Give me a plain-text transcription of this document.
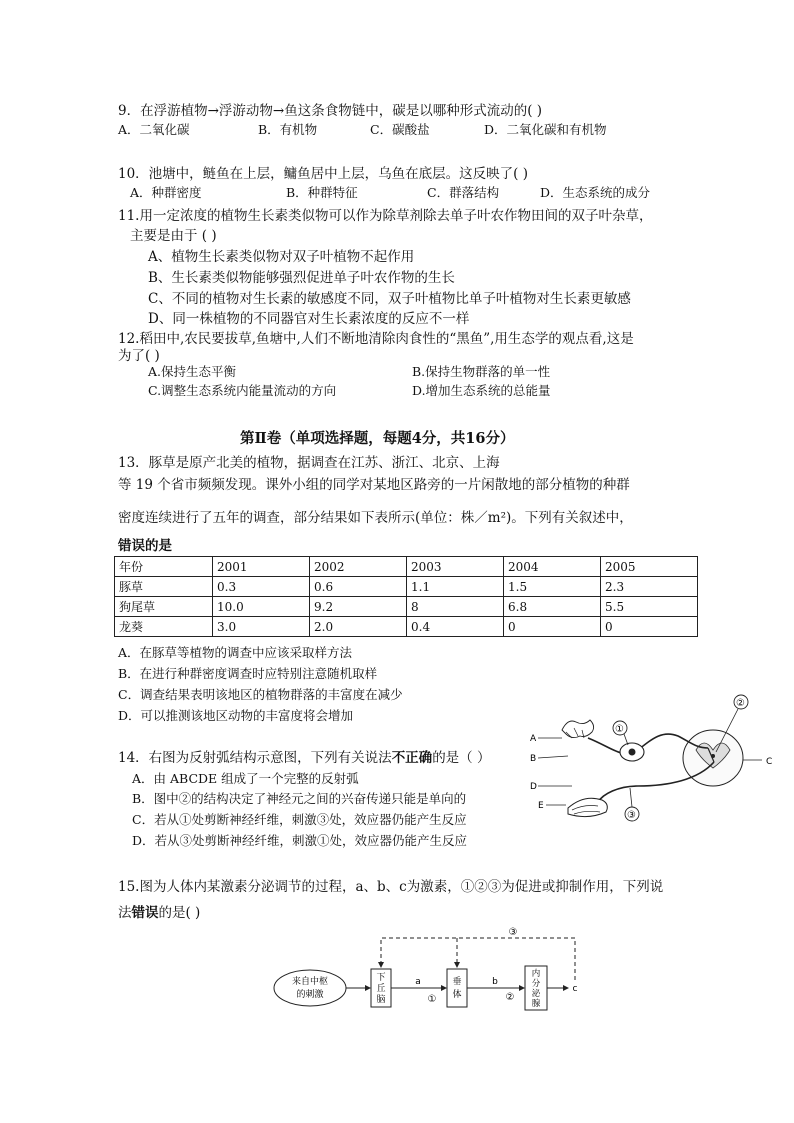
9．在浮游植物→浮游动物→鱼这条食物链中，碳是以哪种形式流动的( )
A．二氧化碳	B．有机物	C．碳酸盐	D．二氧化碳和有机物
10．池塘中，鲢鱼在上层，鳙鱼居中上层，乌鱼在底层。这反映了( )
A．种群密度	B．种群特征	C．群落结构	D．生态系统的成分
11.用一定浓度的植物生长素类似物可以作为除草剂除去单子叶农作物田间的双子叶杂草，
主要是由于 ( )
A、植物生长素类似物对双子叶植物不起作用
B、生长素类似物能够强烈促进单子叶农作物的生长
C、不同的植物对生长素的敏感度不同，双子叶植物比单子叶植物对生长素更敏感
D、同一株植物的不同器官对生长素浓度的反应不一样
12.稻田中,农民要拔草,鱼塘中,人们不断地清除肉食性的“黑鱼”,用生态学的观点看,这是
为了( )
A.保持生态平衡	B.保持生物群落的单一性
C.调整生态系统内能量流动的方向	D.增加生态系统的总能量
第Ⅱ卷（单项选择题，每题4分，共16分）
13．豚草是原产北美的植物，据调查在江苏、浙江、北京、上海
等 19 个省市频频发现。课外小组的同学对某地区路旁的一片闲散地的部分植物的种群
密度连续进行了五年的调查，部分结果如下表所示(单位：株／m²)。下列有关叙述中，
错误的是
年份	2001	2002	2003	2004	2005
豚草	0.3	0.6	1.1	1.5	2.3
狗尾草	10.0	9.2	8	6.8	5.5
龙葵	3.0	2.0	0.4	0	0
A．在豚草等植物的调查中应该采取样方法
B．在进行种群密度调查时应特别注意随机取样
C．调查结果表明该地区的植物群落的丰富度在减少
D．可以推测该地区动物的丰富度将会增加
14．右图为反射弧结构示意图，下列有关说法不正确的是（ ）
A．由 ABCDE 组成了一个完整的反射弧
B．图中②的结构决定了神经元之间的兴奋传递只能是单向的
C．若从①处剪断神经纤维，刺激③处，效应器仍能产生反应
D．若从③处剪断神经纤维，刺激①处，效应器仍能产生反应
A
B	C
D
E
①
②
③
15.图为人体内某激素分泌调节的过程，a、b、c为激素，①②③为促进或抑制作用，下列说
法错误的是( )
来自中枢
的刺激
下
丘
脑
a
①
垂
体
b
②
内
分
泌
腺
c
③
